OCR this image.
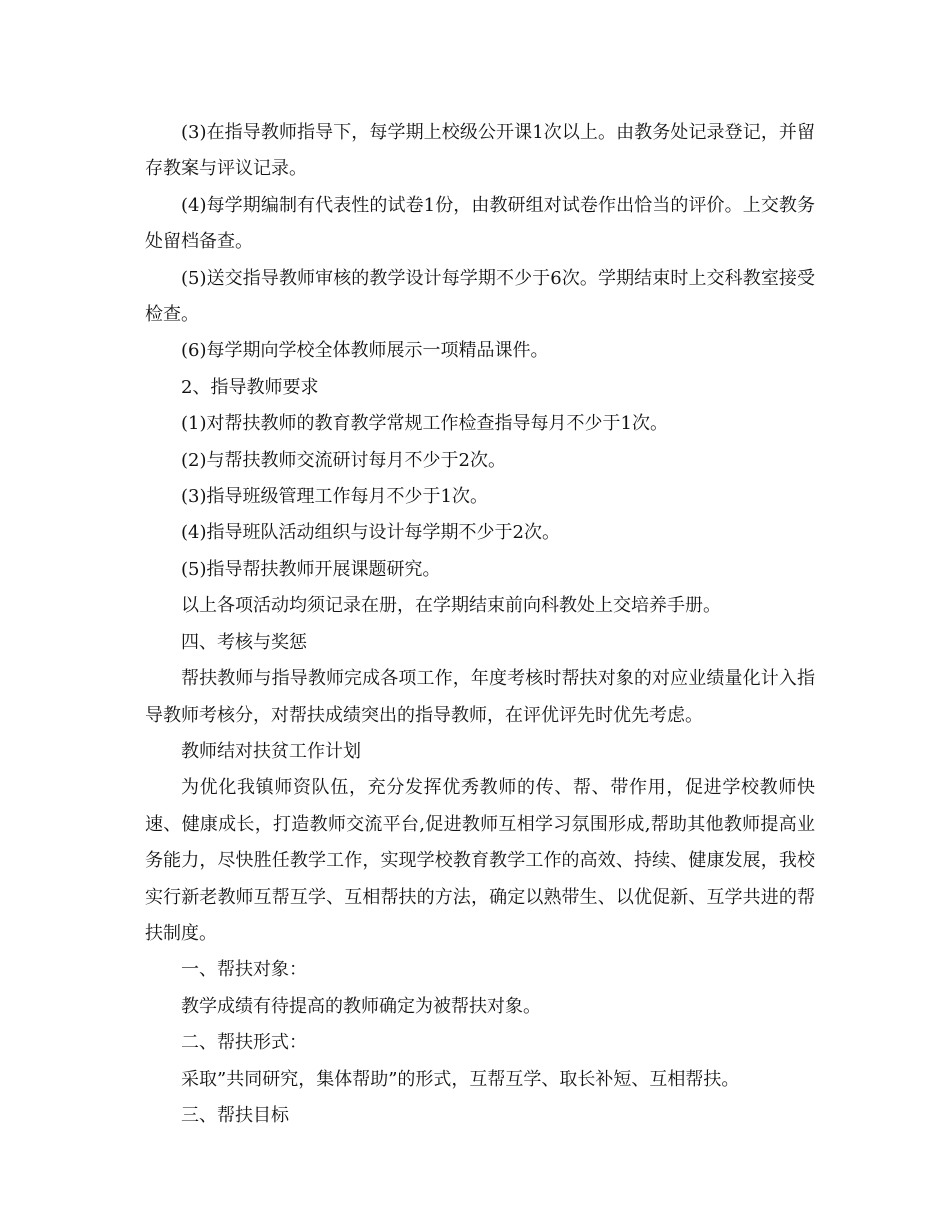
(3)在指导教师指导下，每学期上校级公开课1次以上。由教务处记录登记，并留存教案与评议记录。

(4)每学期编制有代表性的试卷1份，由教研组对试卷作出恰当的评价。上交教务处留档备查。

(5)送交指导教师审核的教学设计每学期不少于6次。学期结束时上交科教室接受检查。

(6)每学期向学校全体教师展示一项精品课件。

2、指导教师要求

(1)对帮扶教师的教育教学常规工作检查指导每月不少于1次。

(2)与帮扶教师交流研讨每月不少于2次。

(3)指导班级管理工作每月不少于1次。

(4)指导班队活动组织与设计每学期不少于2次。

(5)指导帮扶教师开展课题研究。

以上各项活动均须记录在册，在学期结束前向科教处上交培养手册。

四、考核与奖惩

帮扶教师与指导教师完成各项工作，年度考核时帮扶对象的对应业绩量化计入指导教师考核分，对帮扶成绩突出的指导教师，在评优评先时优先考虑。

教师结对扶贫工作计划

为优化我镇师资队伍，充分发挥优秀教师的传、帮、带作用，促进学校教师快速、健康成长，打造教师交流平台,促进教师互相学习氛围形成,帮助其他教师提高业务能力，尽快胜任教学工作，实现学校教育教学工作的高效、持续、健康发展，我校实行新老教师互帮互学、互相帮扶的方法，确定以熟带生、以优促新、互学共进的帮扶制度。

一、帮扶对象：

教学成绩有待提高的教师确定为被帮扶对象。

二、帮扶形式：

采取”共同研究，集体帮助”的形式，互帮互学、取长补短、互相帮扶。

三、帮扶目标
